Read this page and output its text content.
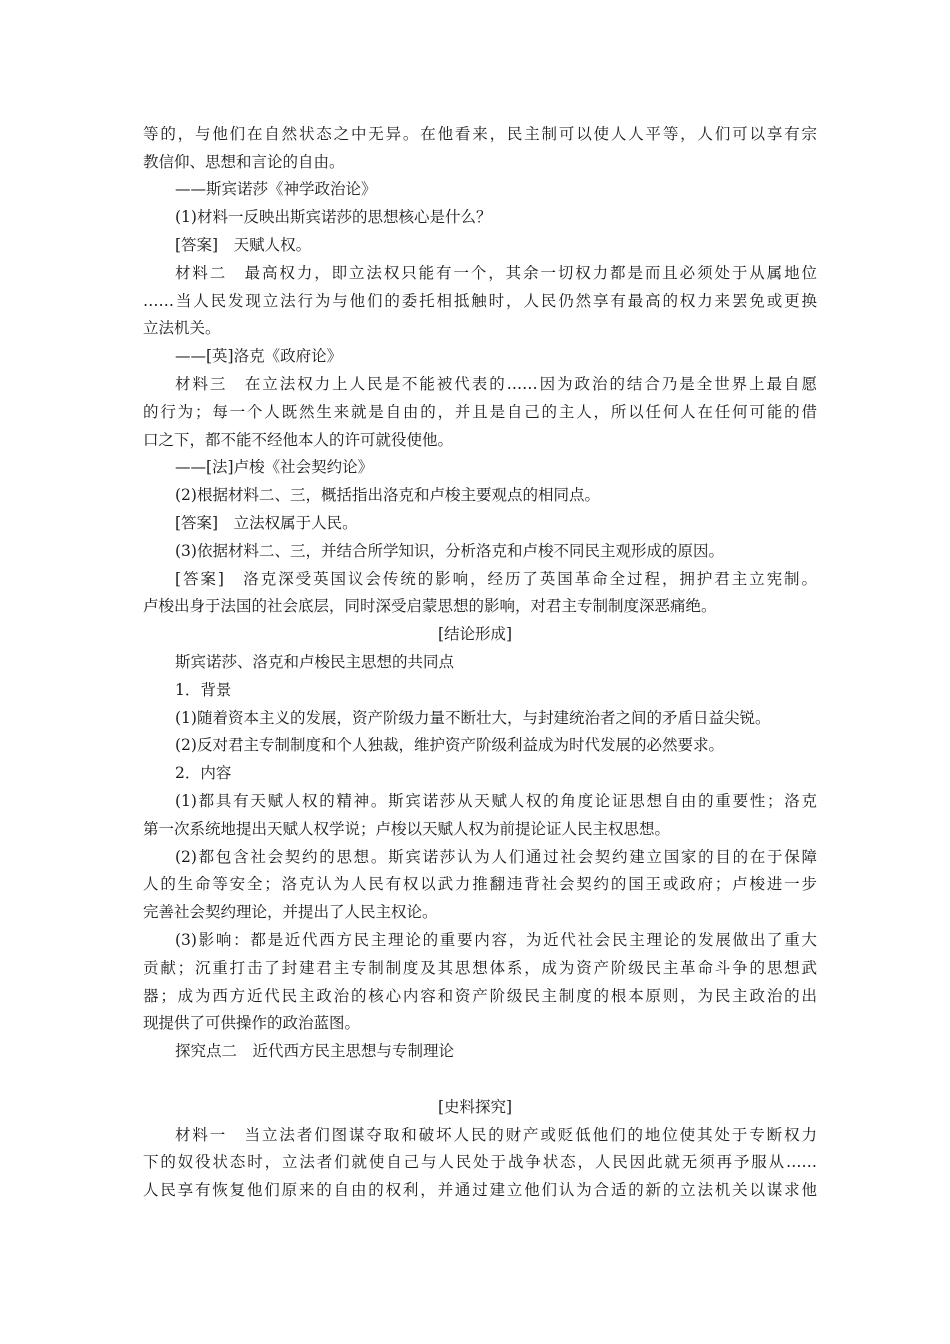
等的，与他们在自然状态之中无异。在他看来，民主制可以使人人平等，人们可以享有宗
教信仰、思想和言论的自由。
——斯宾诺莎《神学政治论》
(1)材料一反映出斯宾诺莎的思想核心是什么？
[答案]　天赋人权。
材料二　最高权力，即立法权只能有一个，其余一切权力都是而且必须处于从属地位
……当人民发现立法行为与他们的委托相抵触时，人民仍然享有最高的权力来罢免或更换
立法机关。
——[英]洛克《政府论》
材料三　在立法权力上人民是不能被代表的……因为政治的结合乃是全世界上最自愿
的行为；每一个人既然生来就是自由的，并且是自己的主人，所以任何人在任何可能的借
口之下，都不能不经他本人的许可就役使他。
——[法]卢梭《社会契约论》
(2)根据材料二、三，概括指出洛克和卢梭主要观点的相同点。
[答案]　立法权属于人民。
(3)依据材料二、三，并结合所学知识，分析洛克和卢梭不同民主观形成的原因。
[答案]　洛克深受英国议会传统的影响，经历了英国革命全过程，拥护君主立宪制。
卢梭出身于法国的社会底层，同时深受启蒙思想的影响，对君主专制制度深恶痛绝。
[结论形成]
斯宾诺莎、洛克和卢梭民主思想的共同点
1．背景
(1)随着资本主义的发展，资产阶级力量不断壮大，与封建统治者之间的矛盾日益尖锐。
(2)反对君主专制制度和个人独裁，维护资产阶级利益成为时代发展的必然要求。
2．内容
(1)都具有天赋人权的精神。斯宾诺莎从天赋人权的角度论证思想自由的重要性；洛克
第一次系统地提出天赋人权学说；卢梭以天赋人权为前提论证人民主权思想。
(2)都包含社会契约的思想。斯宾诺莎认为人们通过社会契约建立国家的目的在于保障
人的生命等安全；洛克认为人民有权以武力推翻违背社会契约的国王或政府；卢梭进一步
完善社会契约理论，并提出了人民主权论。
(3)影响：都是近代西方民主理论的重要内容，为近代社会民主理论的发展做出了重大
贡献；沉重打击了封建君主专制制度及其思想体系，成为资产阶级民主革命斗争的思想武
器；成为西方近代民主政治的核心内容和资产阶级民主制度的根本原则，为民主政治的出
现提供了可供操作的政治蓝图。
探究点二　近代西方民主思想与专制理论
[史料探究]
材料一　当立法者们图谋夺取和破坏人民的财产或贬低他们的地位使其处于专断权力
下的奴役状态时，立法者们就使自己与人民处于战争状态，人民因此就无须再予服从……
人民享有恢复他们原来的自由的权利，并通过建立他们认为合适的新的立法机关以谋求他
